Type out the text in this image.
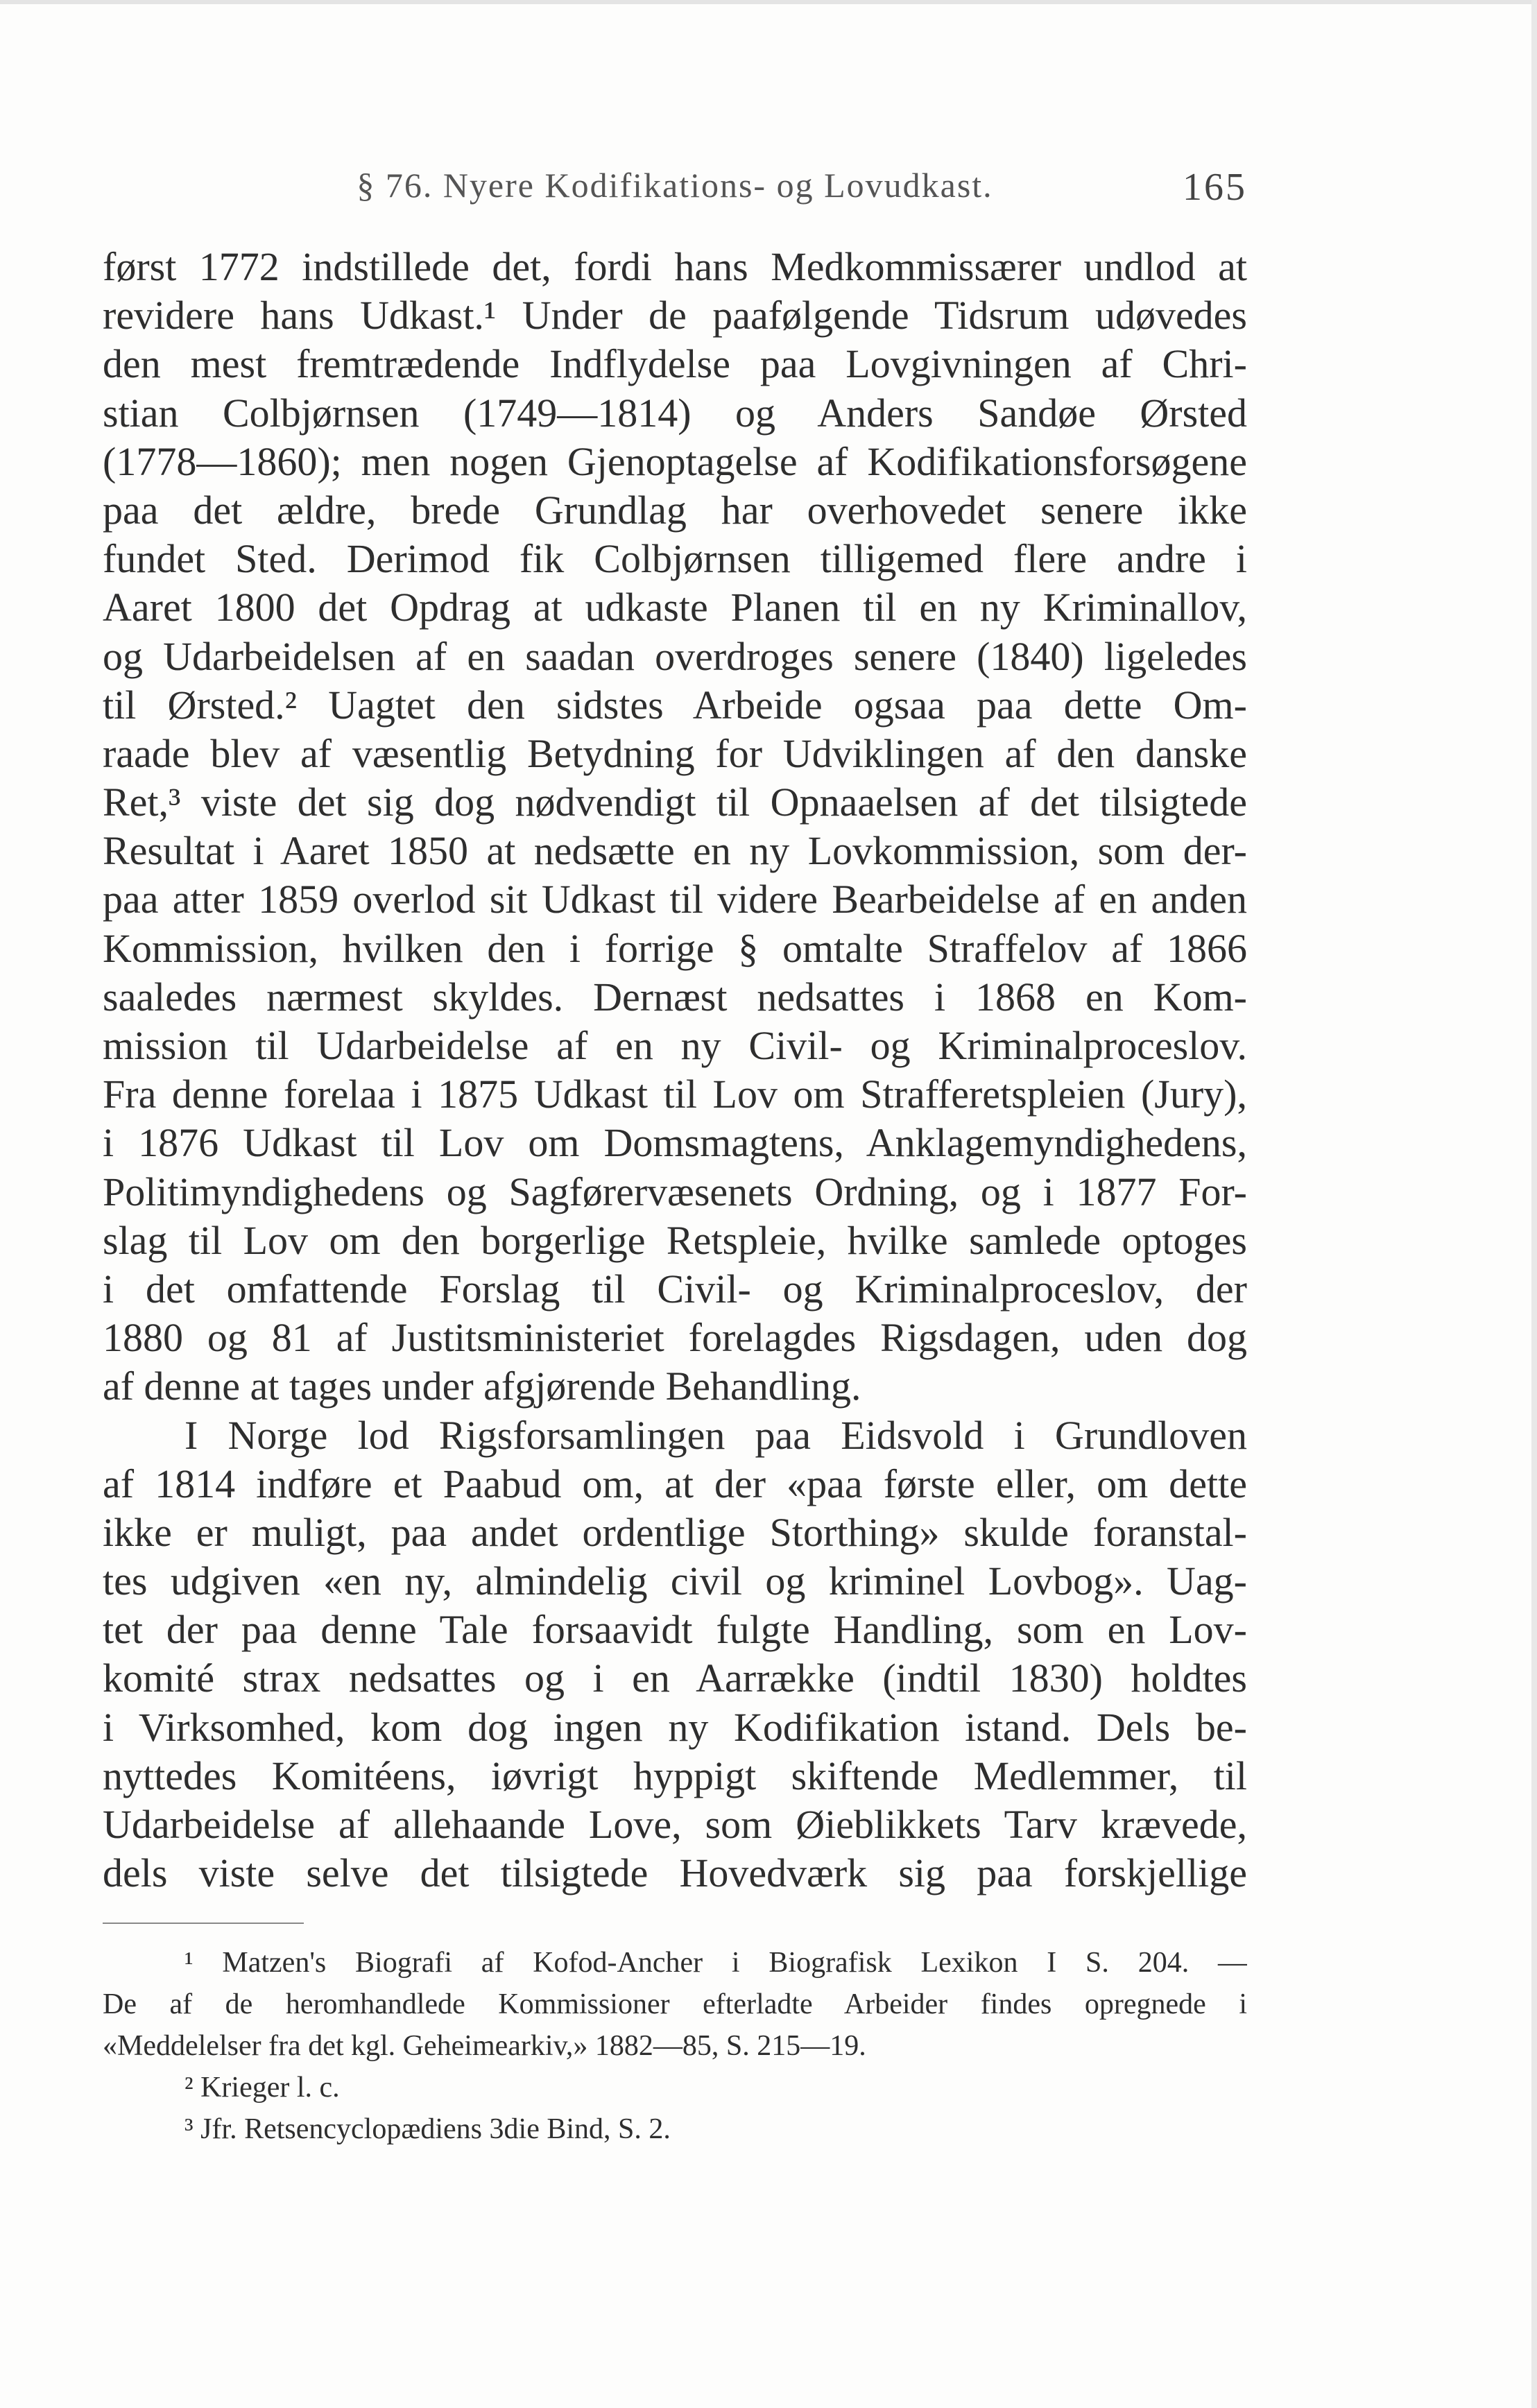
§ 76. Nyere Kodifikations- og Lovudkast.	165
først 1772 indstillede det, fordi hans Medkommissærer undlod at
revidere hans Udkast.¹ Under de paafølgende Tidsrum udøvedes
den mest fremtrædende Indflydelse paa Lovgivningen af Chri-
stian Colbjørnsen (1749—1814) og Anders Sandøe Ørsted
(1778—1860); men nogen Gjenoptagelse af Kodifikationsforsøgene
paa det ældre, brede Grundlag har overhovedet senere ikke
fundet Sted. Derimod fik Colbjørnsen tilligemed flere andre i
Aaret 1800 det Opdrag at udkaste Planen til en ny Kriminallov,
og Udarbeidelsen af en saadan overdroges senere (1840) ligeledes
til Ørsted.² Uagtet den sidstes Arbeide ogsaa paa dette Om-
raade blev af væsentlig Betydning for Udviklingen af den danske
Ret,³ viste det sig dog nødvendigt til Opnaaelsen af det tilsigtede
Resultat i Aaret 1850 at nedsætte en ny Lovkommission, som der-
paa atter 1859 overlod sit Udkast til videre Bearbeidelse af en anden
Kommission, hvilken den i forrige § omtalte Straffelov af 1866
saaledes nærmest skyldes. Dernæst nedsattes i 1868 en Kom-
mission til Udarbeidelse af en ny Civil- og Kriminalproceslov.
Fra denne forelaa i 1875 Udkast til Lov om Strafferetspleien (Jury),
i 1876 Udkast til Lov om Domsmagtens, Anklagemyndighedens,
Politimyndighedens og Sagførervæsenets Ordning, og i 1877 For-
slag til Lov om den borgerlige Retspleie, hvilke samlede optoges
i det omfattende Forslag til Civil- og Kriminalproceslov, der
1880 og 81 af Justitsministeriet forelagdes Rigsdagen, uden dog
af denne at tages under afgjørende Behandling.
I Norge lod Rigsforsamlingen paa Eidsvold i Grundloven
af 1814 indføre et Paabud om, at der «paa første eller, om dette
ikke er muligt, paa andet ordentlige Storthing» skulde foranstal-
tes udgiven «en ny, almindelig civil og kriminel Lovbog». Uag-
tet der paa denne Tale forsaavidt fulgte Handling, som en Lov-
komité strax nedsattes og i en Aarrække (indtil 1830) holdtes
i Virksomhed, kom dog ingen ny Kodifikation istand. Dels be-
nyttedes Komitéens, iøvrigt hyppigt skiftende Medlemmer, til
Udarbeidelse af allehaande Love, som Øieblikkets Tarv krævede,
dels viste selve det tilsigtede Hovedværk sig paa forskjellige
¹ Matzen's Biografi af Kofod-Ancher i Biografisk Lexikon I S. 204. —
De af de heromhandlede Kommissioner efterladte Arbeider findes opregnede i
«Meddelelser fra det kgl. Geheimearkiv,» 1882—85, S. 215—19.
² Krieger l. c.
³ Jfr. Retsencyclopædiens 3die Bind, S. 2.
